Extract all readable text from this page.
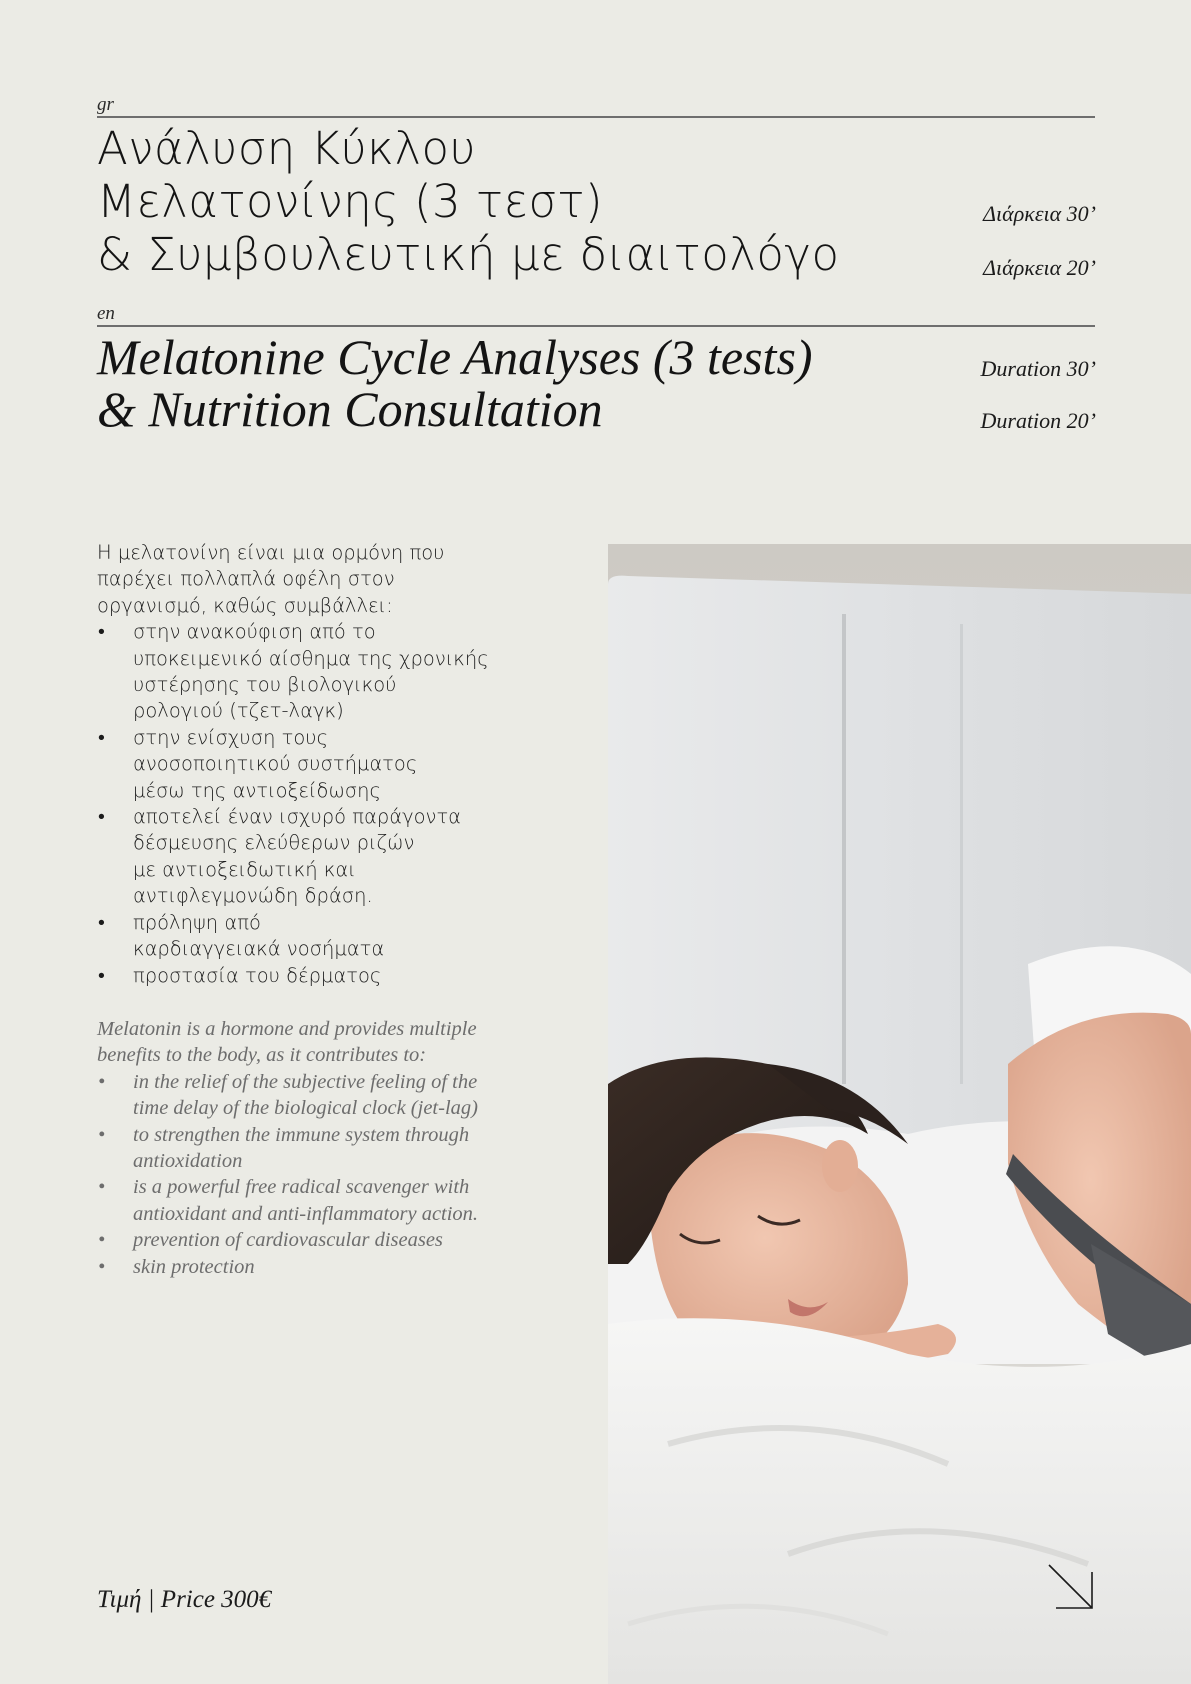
gr
Ανάλυση Κύκλου
Μελατονίνης (3 τεστ)
& Συμβουλευτική με διαιτολόγο
Διάρκεια 30’
Διάρκεια 20’
en
Melatonine Cycle Analyses (3 tests)
& Nutrition Consultation
Duration 30’
Duration 20’
Η μελατονίνη είναι μια ορμόνη που
παρέχει πολλαπλά οφέλη στον
οργανισμό, καθώς συμβάλλει:
• στην ανακούφιση από το
υποκειμενικό αίσθημα της χρονικής
υστέρησης του βιολογικού
ρολογιού (τζετ-λαγκ)
• στην ενίσχυση τους
ανοσοποιητικού συστήματος
μέσω της αντιοξείδωσης
• αποτελεί έναν ισχυρό παράγοντα
δέσμευσης ελεύθερων ριζών
με αντιοξειδωτική και
αντιφλεγμονώδη δράση.
• πρόληψη από
καρδιαγγειακά νοσήματα
• προστασία του δέρματος
Melatonin is a hormone and provides multiple
benefits to the body, as it contributes to:
• in the relief of the subjective feeling of the
time delay of the biological clock (jet-lag)
• to strengthen the immune system through
antioxidation
• is a powerful free radical scavenger with
antioxidant and anti-inflammatory action.
• prevention of cardiovascular diseases
• skin protection
Τιμή | Price 300€
